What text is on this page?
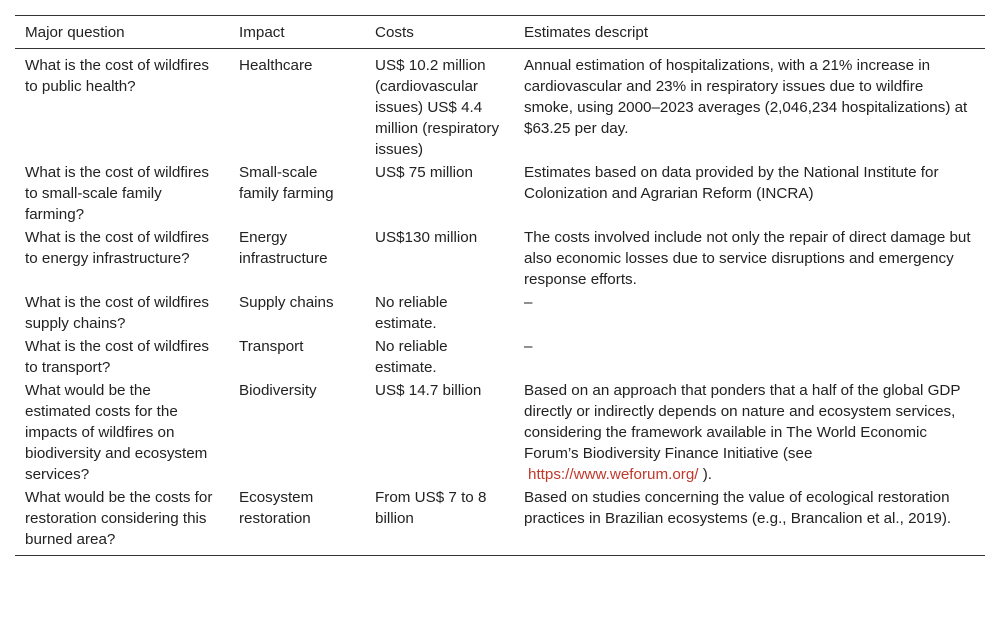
Major question	Impact	Costs	Estimates descript
What is the cost of wildfires to public health?	Healthcare	US$ 10.2 million (cardiovascular issues) US$ 4.4 million (respiratory issues)	Annual estimation of hospitalizations, with a 21% increase in cardiovascular and 23% in respiratory issues due to wildfire smoke, using 2000–2023 averages (2,046,234 hospitalizations) at $63.25 per day.
What is the cost of wildfires to small-scale family farming?	Small-scale family farming	US$ 75 million	Estimates based on data provided by the National Institute for Colonization and Agrarian Reform (INCRA)
What is the cost of wildfires to energy infrastructure?	Energy infrastructure	US$130 million	The costs involved include not only the repair of direct damage but also economic losses due to service disruptions and emergency response efforts.
What is the cost of wildfires supply chains?	Supply chains	No reliable estimate.	–
What is the cost of wildfires to transport?	Transport	No reliable estimate.	–
What would be the estimated costs for the impacts of wildfires on biodiversity and ecosystem services?	Biodiversity	US$ 14.7 billion	Based on an approach that ponders that a half of the global GDP directly or indirectly depends on nature and ecosystem services, considering the framework available in The World Economic Forum’s Biodiversity Finance Initiative (see https://www.weforum.org/ ).
What would be the costs for restoration considering this burned area?	Ecosystem restoration	From US$ 7 to 8 billion	Based on studies concerning the value of ecological restoration practices in Brazilian ecosystems (e.g., Brancalion et al., 2019).
